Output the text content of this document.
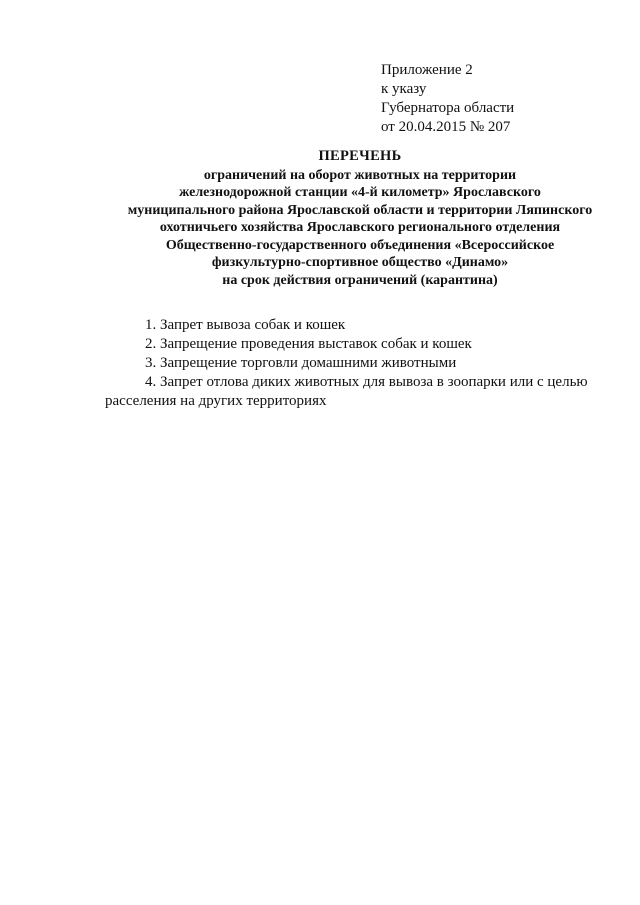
Приложение 2
к указу
Губернатора области
от 20.04.2015 № 207
ПЕРЕЧЕНЬ
ограничений на оборот животных на территории
железнодорожной станции «4-й километр» Ярославского
муниципального района Ярославской области и территории Ляпинского
охотничьего хозяйства Ярославского регионального отделения
Общественно-государственного объединения «Всероссийское
физкультурно-спортивное общество «Динамо»
на срок действия ограничений (карантина)
1. Запрет вывоза собак и кошек
2. Запрещение проведения выставок собак и кошек
3. Запрещение торговли домашними животными
4. Запрет отлова диких животных для вывоза в зоопарки или с целью
расселения на других территориях
